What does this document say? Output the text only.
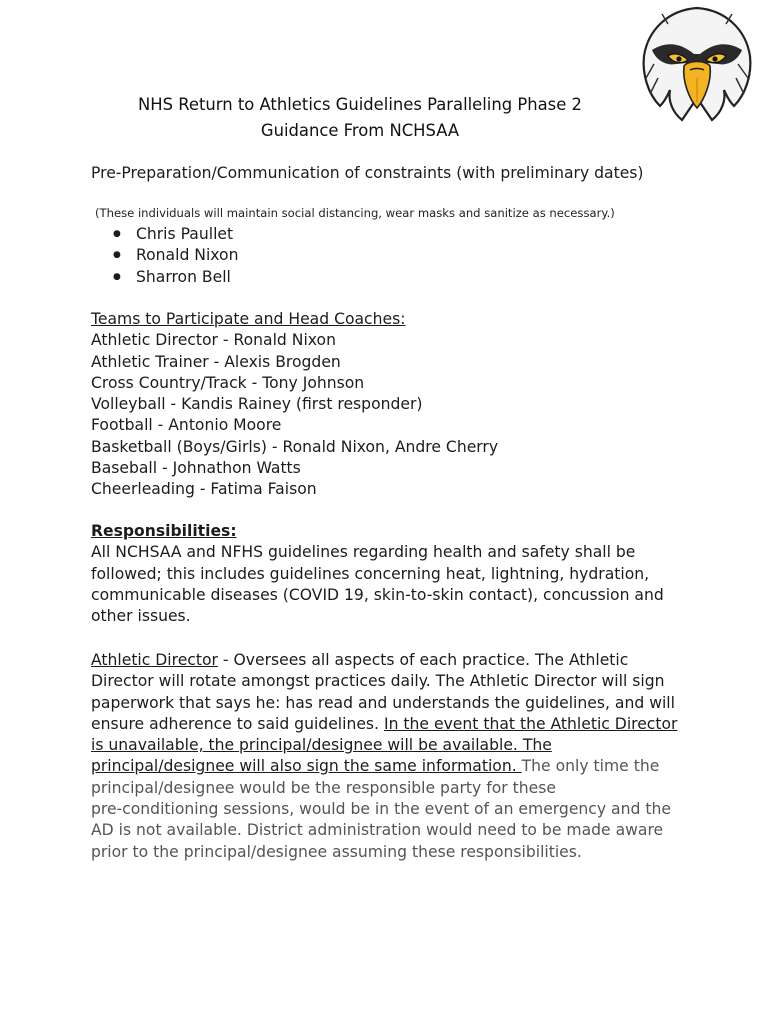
NHS Return to Athletics Guidelines Paralleling Phase 2
Guidance From NCHSAA
Pre-Preparation/Communication of constraints (with preliminary dates)
(These individuals will maintain social distancing, wear masks and sanitize as necessary.)
● Chris Paullet
● Ronald Nixon
● Sharron Bell
Teams to Participate and Head Coaches:
Athletic Director - Ronald Nixon
Athletic Trainer - Alexis Brogden
Cross Country/Track - Tony Johnson
Volleyball - Kandis Rainey (first responder)
Football - Antonio Moore
Basketball (Boys/Girls) - Ronald Nixon, Andre Cherry
Baseball - Johnathon Watts
Cheerleading - Fatima Faison
Responsibilities:
All NCHSAA and NFHS guidelines regarding health and safety shall be
followed; this includes guidelines concerning heat, lightning, hydration,
communicable diseases (COVID 19, skin-to-skin contact), concussion and
other issues.
Athletic Director - Oversees all aspects of each practice. The Athletic
Director will rotate amongst practices daily. The Athletic Director will sign
paperwork that says he: has read and understands the guidelines, and will
ensure adherence to said guidelines. In the event that the Athletic Director
is unavailable, the principal/designee will be available. The
principal/designee will also sign the same information. The only time the
principal/designee would be the responsible party for these
pre-conditioning sessions, would be in the event of an emergency and the
AD is not available. District administration would need to be made aware
prior to the principal/designee assuming these responsibilities.
